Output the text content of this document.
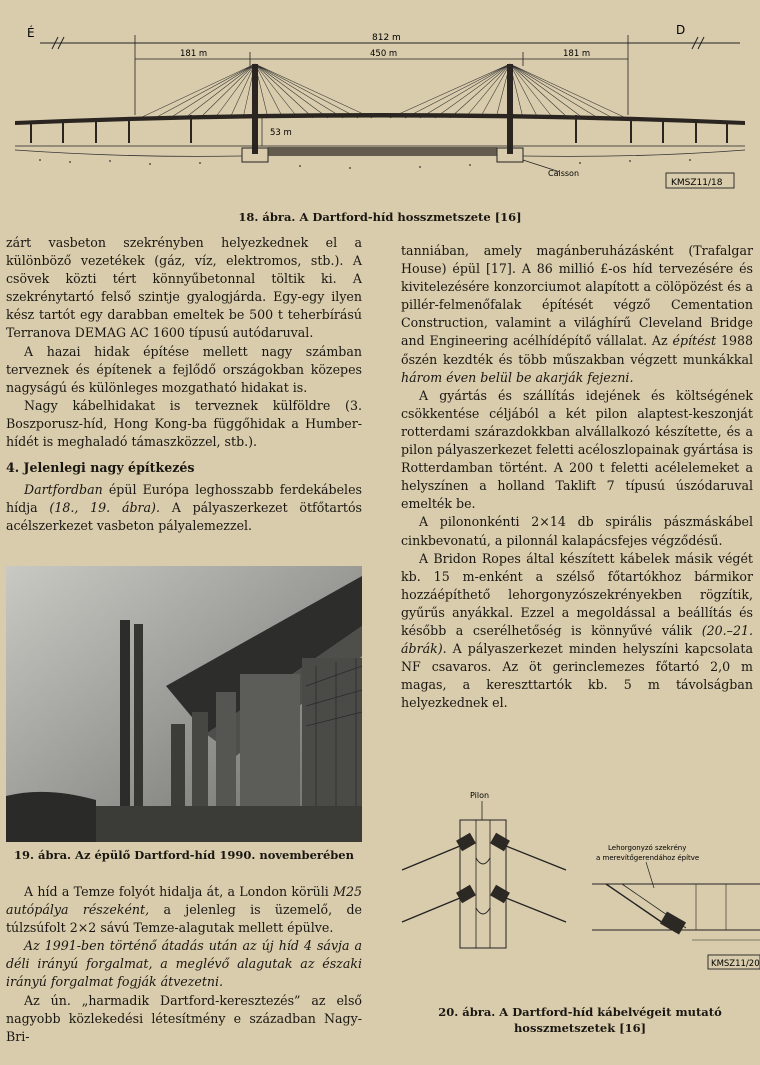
É	D
812 m
181 m	450 m	181 m
53 m
Caisson
KMSZ11/18
18. ábra. A Dartford-híd hosszmetszete [16]

zárt vasbeton szekrényben helyezkednek el a különböző vezetékek (gáz, víz, elektromos, stb.). A csövek közti tért könnyűbetonnal töltik ki. A szekrénytartó felső szintje gyalogjárda. Egy-egy ilyen kész tartót egy darabban emeltek be 500 t teherbírású Terranova DEMAG AC 1600 típusú autódaruval.

A hazai hidak építése mellett nagy számban terveznek és építenek a fejlődő országokban közepes nagyságú és különleges mozgatható hidakat is.

Nagy kábelhidakat is terveznek külföldre (3. Boszporusz-híd, Hong Kong-ba függőhidak a Humber-hídét is meghaladó támaszközzel, stb.).

4. Jelenlegi nagy építkezés

Dartfordban épül Európa leghosszabb ferdekábeles hídja (18., 19. ábra). A pályaszerkezet ötfőtartós acélszerkezet vasbeton pályalemezzel.

19. ábra. Az épülő Dartford-híd 1990. novemberében

A híd a Temze folyót hidalja át, a London körüli M25 autópálya részeként, a jelenleg is üzemelő, de túlzsúfolt 2×2 sávú Temze-alagutak mellett épülve.

Az 1991-ben történő átadás után az új híd 4 sávja a déli irányú forgalmat, a meglévő alagutak az északi irányú forgalmat fogják átvezetni.

Az ún. „harmadik Dartford-keresztezés” az első nagyobb közlekedési létesítmény e században Nagy-Bri-

tanniában, amely magánberuházásként (Trafalgar House) épül [17]. A 86 millió £-os híd tervezésére és kivitelezésére konzorciumot alapított a cölöpözést és a pillér-felmenőfalak építését végző Cementation Construction, valamint a világhírű Cleveland Bridge and Engineering acélhídépítő vállalat. Az építést 1988 őszén kezdték és több műszakban végzett munkákkal három éven belül be akarják fejezni.

A gyártás és szállítás idejének és költségének csökkentése céljából a két pilon alaptest-keszonját rotterdami szárazdokkban alvállalkozó készítette, és a pilon pályaszerkezet feletti acéloszlopainak gyártása is Rotterdamban történt. A 200 t feletti acélelemeket a helyszínen a holland Taklift 7 típusú úszódaruval emelték be.

A pilononkénti 2×14 db spirális pászmáskábel cinkbevonatú, a pilonnál kalapácsfejes végződésű.

A Bridon Ropes által készített kábelek másik végét kb. 15 m-enként a szélső főtartókhoz bármikor hozzáépíthető lehorgonyzószekrényekben rögzítik, gyűrűs anyákkal. Ezzel a megoldással a beállítás és később a cserélhetőség is könnyűvé válik (20.–21. ábrák). A pályaszerkezet minden helyszíni kapcsolata NF csavaros. Az öt gerinclemezes főtartó 2,0 m magas, a kereszttartók kb. 5 m távolságban helyezkednek el.

Pilon
Lehorgonyzó szekrény
a merevítőgerendához építve
KMSZ11/20
20. ábra. A Dartford-híd kábelvégeit mutató
hosszmetszetek [16]
